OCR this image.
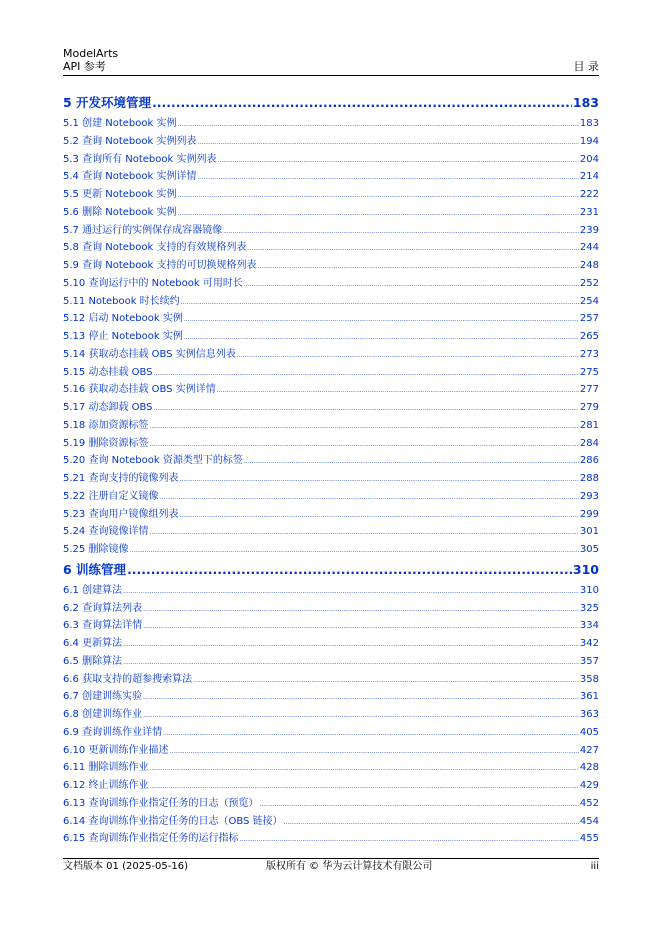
ModelArts
API 参考	目 录
5 开发环境管理 .....	183
5.1 创建 Notebook 实例 .....	183
5.2 查询 Notebook 实例列表 .....	194
5.3 查询所有 Notebook 实例列表 .....	204
5.4 查询 Notebook 实例详情 .....	214
5.5 更新 Notebook 实例 .....	222
5.6 删除 Notebook 实例 .....	231
5.7 通过运行的实例保存成容器镜像 .....	239
5.8 查询 Notebook 支持的有效规格列表 .....	244
5.9 查询 Notebook 支持的可切换规格列表 .....	248
5.10 查询运行中的 Notebook 可用时长 .....	252
5.11 Notebook 时长续约 .....	254
5.12 启动 Notebook 实例 .....	257
5.13 停止 Notebook 实例 .....	265
5.14 获取动态挂载 OBS 实例信息列表 .....	273
5.15 动态挂载 OBS .....	275
5.16 获取动态挂载 OBS 实例详情 .....	277
5.17 动态卸载 OBS .....	279
5.18 添加资源标签 .....	281
5.19 删除资源标签 .....	284
5.20 查询 Notebook 资源类型下的标签 .....	286
5.21 查询支持的镜像列表 .....	288
5.22 注册自定义镜像 .....	293
5.23 查询用户镜像组列表 .....	299
5.24 查询镜像详情 .....	301
5.25 删除镜像 .....	305
6 训练管理 .....	310
6.1 创建算法 .....	310
6.2 查询算法列表 .....	325
6.3 查询算法详情 .....	334
6.4 更新算法 .....	342
6.5 删除算法 .....	357
6.6 获取支持的超参搜索算法 .....	358
6.7 创建训练实验 .....	361
6.8 创建训练作业 .....	363
6.9 查询训练作业详情 .....	405
6.10 更新训练作业描述 .....	427
6.11 删除训练作业 .....	428
6.12 终止训练作业 .....	429
6.13 查询训练作业指定任务的日志（预览） .....	452
6.14 查询训练作业指定任务的日志（OBS 链接） .....	454
6.15 查询训练作业指定任务的运行指标 .....	455
文档版本 01 (2025-05-16)	版权所有 © 华为云计算技术有限公司	iii
